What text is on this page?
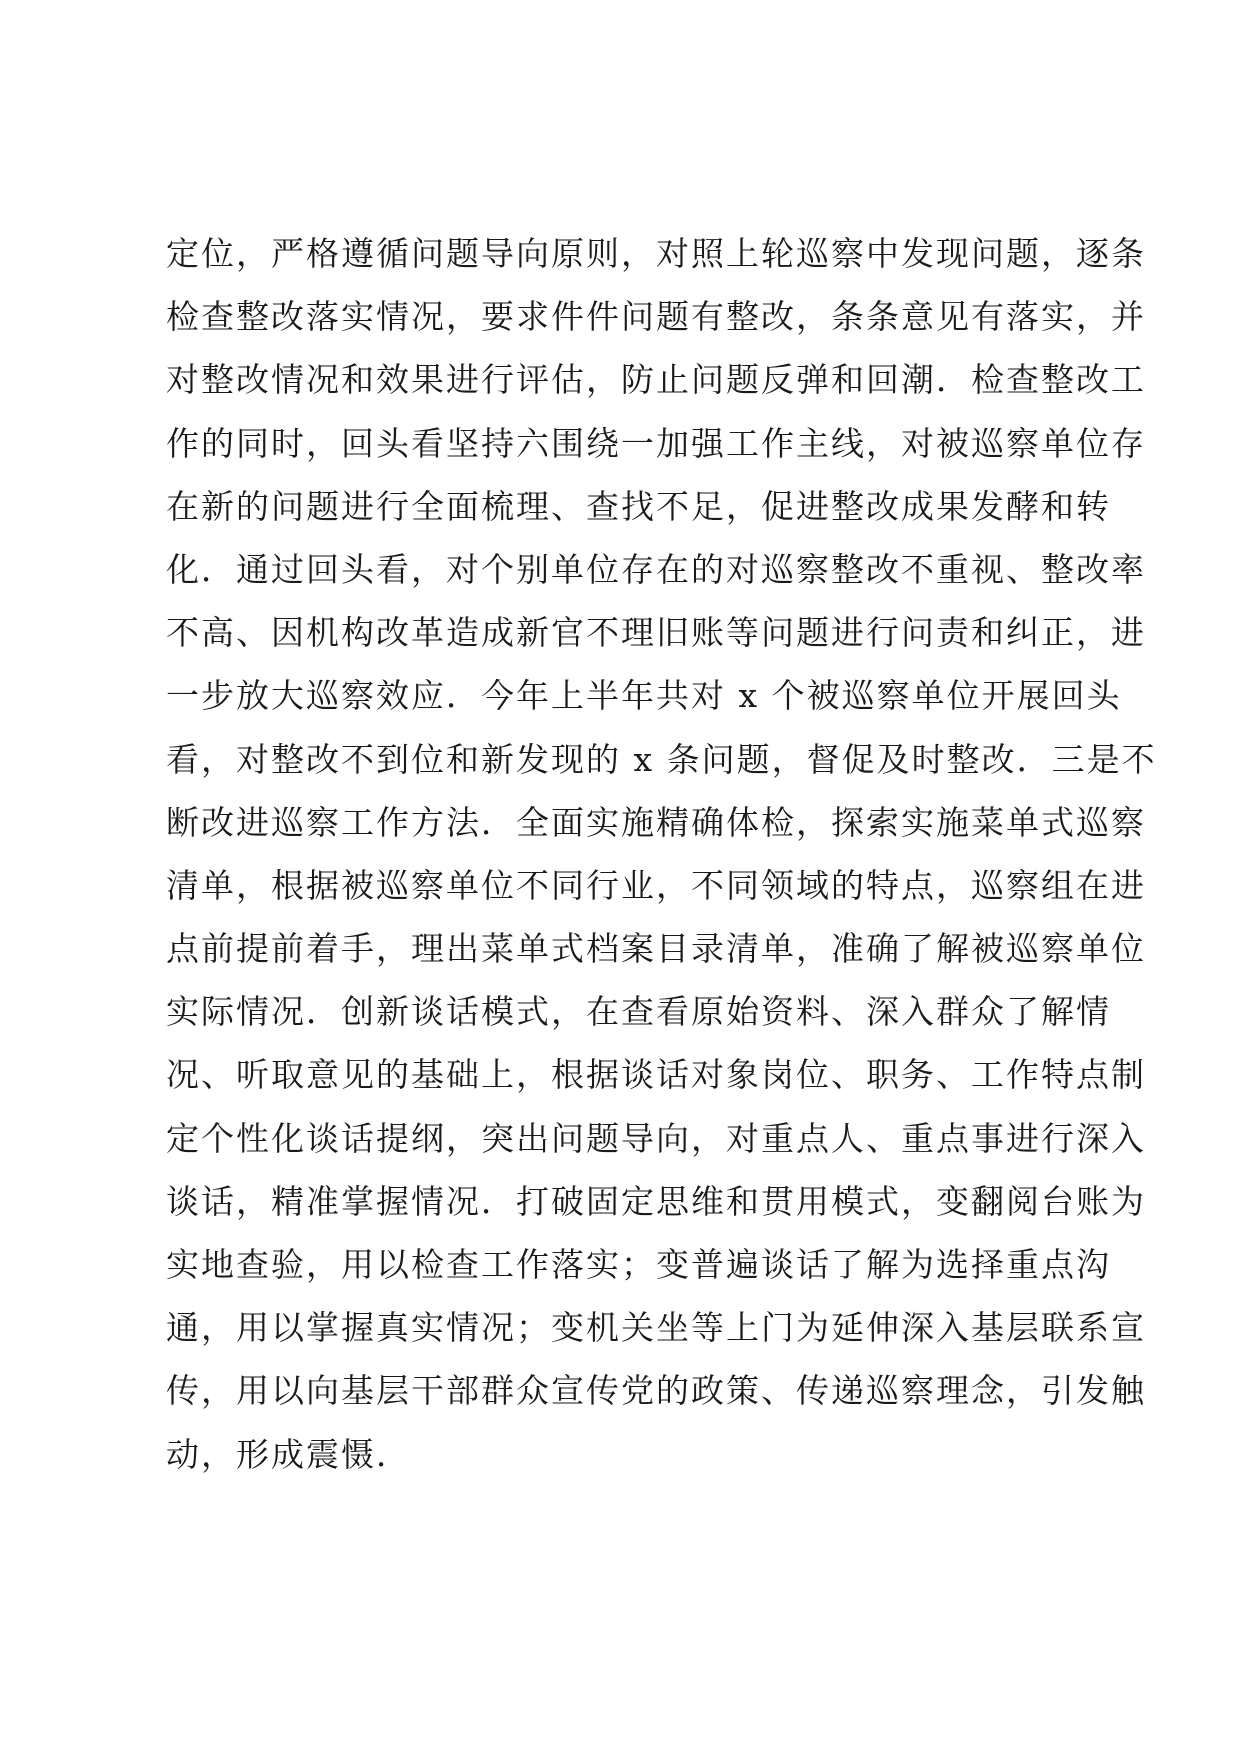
定位，严格遵循问题导向原则，对照上轮巡察中发现问题，逐条
检查整改落实情况，要求件件问题有整改，条条意见有落实，并
对整改情况和效果进行评估，防止问题反弹和回潮．检查整改工
作的同时，回头看坚持六围绕一加强工作主线，对被巡察单位存
在新的问题进行全面梳理、查找不足，促进整改成果发酵和转
化．通过回头看，对个别单位存在的对巡察整改不重视、整改率
不高、因机构改革造成新官不理旧账等问题进行问责和纠正，进
一步放大巡察效应．今年上半年共对 x 个被巡察单位开展回头
看，对整改不到位和新发现的 x 条问题，督促及时整改．三是不
断改进巡察工作方法．全面实施精确体检，探索实施菜单式巡察
清单，根据被巡察单位不同行业，不同领域的特点，巡察组在进
点前提前着手，理出菜单式档案目录清单，准确了解被巡察单位
实际情况．创新谈话模式，在查看原始资料、深入群众了解情
况、听取意见的基础上，根据谈话对象岗位、职务、工作特点制
定个性化谈话提纲，突出问题导向，对重点人、重点事进行深入
谈话，精准掌握情况．打破固定思维和贯用模式，变翻阅台账为
实地查验，用以检查工作落实；变普遍谈话了解为选择重点沟
通，用以掌握真实情况；变机关坐等上门为延伸深入基层联系宣
传，用以向基层干部群众宣传党的政策、传递巡察理念，引发触
动，形成震慑．
